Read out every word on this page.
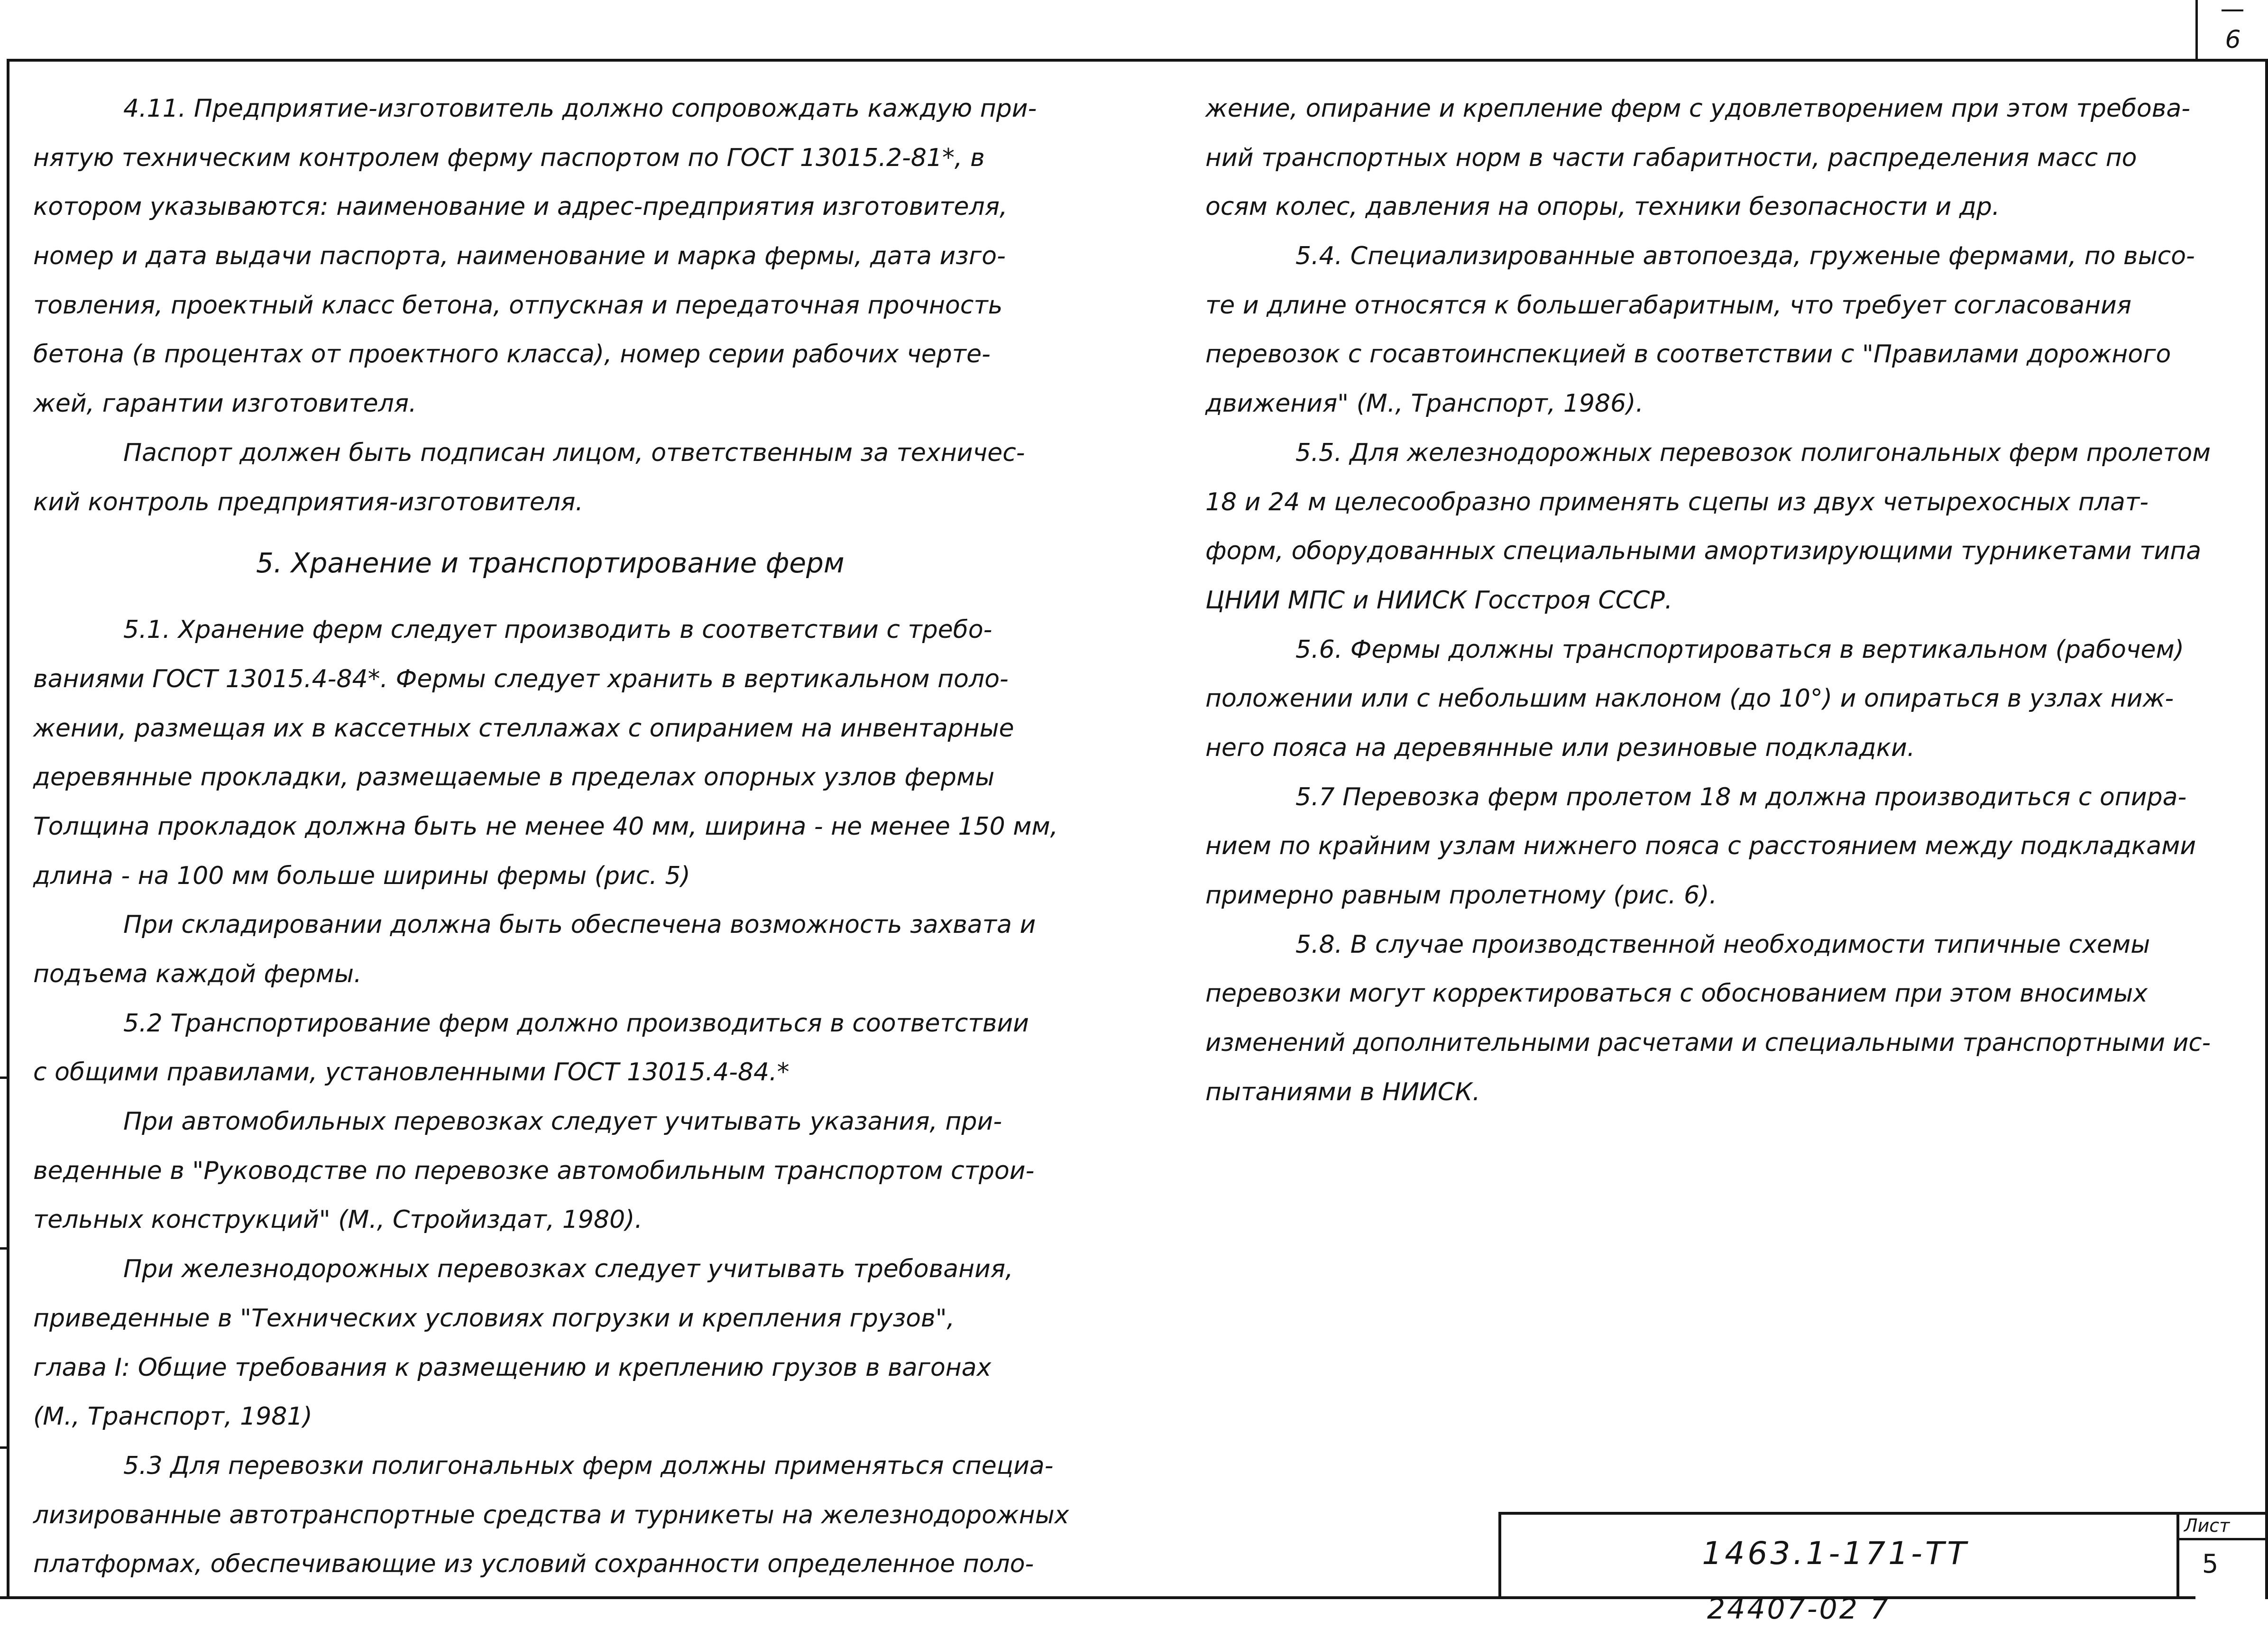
6
4.11. Предприятие-изготовитель должно сопровождать каждую при-
нятую техническим контролем ферму паспортом по ГОСТ 13015.2-81*, в
котором указываются: наименование и адрес-предприятия изготовителя,
номер и дата выдачи паспорта, наименование и марка фермы, дата изго-
товления, проектный класс бетона, отпускная и передаточная прочность
бетона (в процентах от проектного класса), номер серии рабочих черте-
жей, гарантии изготовителя.
Паспорт должен быть подписан лицом, ответственным за техничес-
кий контроль предприятия-изготовителя.
5. Хранение и транспортирование ферм
5.1. Хранение ферм следует производить в соответствии с требо-
ваниями ГОСТ 13015.4-84*. Фермы следует хранить в вертикальном поло-
жении, размещая их в кассетных стеллажах с опиранием на инвентарные
деревянные прокладки, размещаемые в пределах опорных узлов фермы
Толщина прокладок должна быть не менее 40 мм, ширина - не менее 150 мм,
длина - на 100 мм больше ширины фермы (рис. 5)
При складировании должна быть обеспечена возможность захвата и
подъема каждой фермы.
5.2 Транспортирование ферм должно производиться в соответствии
с общими правилами, установленными ГОСТ 13015.4-84.*
При автомобильных перевозках следует учитывать указания, при-
веденные в "Руководстве по перевозке автомобильным транспортом строи-
тельных конструкций" (М., Стройиздат, 1980).
При железнодорожных перевозках следует учитывать требования,
приведенные в "Технических условиях погрузки и крепления грузов",
глава I: Общие требования к размещению и креплению грузов в вагонах
(М., Транспорт, 1981)
5.3 Для перевозки полигональных ферм должны применяться специа-
лизированные автотранспортные средства и турникеты на железнодорожных
платформах, обеспечивающие из условий сохранности определенное поло-
жение, опирание и крепление ферм с удовлетворением при этом требова-
ний транспортных норм в части габаритности, распределения масс по
осям колес, давления на опоры, техники безопасности и др.
5.4. Специализированные автопоезда, груженые фермами, по высо-
те и длине относятся к большегабаритным, что требует согласования
перевозок с госавтоинспекцией в соответствии с "Правилами дорожного
движения" (М., Транспорт, 1986).
5.5. Для железнодорожных перевозок полигональных ферм пролетом
18 и 24 м целесообразно применять сцепы из двух четырехосных плат-
форм, оборудованных специальными амортизирующими турникетами типа
ЦНИИ МПС и НИИСК Госстроя СССР.
5.6. Фермы должны транспортироваться в вертикальном (рабочем)
положении или с небольшим наклоном (до 10°) и опираться в узлах ниж-
него пояса на деревянные или резиновые подкладки.
5.7 Перевозка ферм пролетом 18 м должна производиться с опира-
нием по крайним узлам нижнего пояса с расстоянием между подкладками
примерно равным пролетному (рис. 6).
5.8. В случае производственной необходимости типичные схемы
перевозки могут корректироваться с обоснованием при этом вносимых
изменений дополнительными расчетами и специальными транспортными ис-
пытаниями в НИИСК.
1463.1-171-ТТ
Лист
5
24407-02 7
